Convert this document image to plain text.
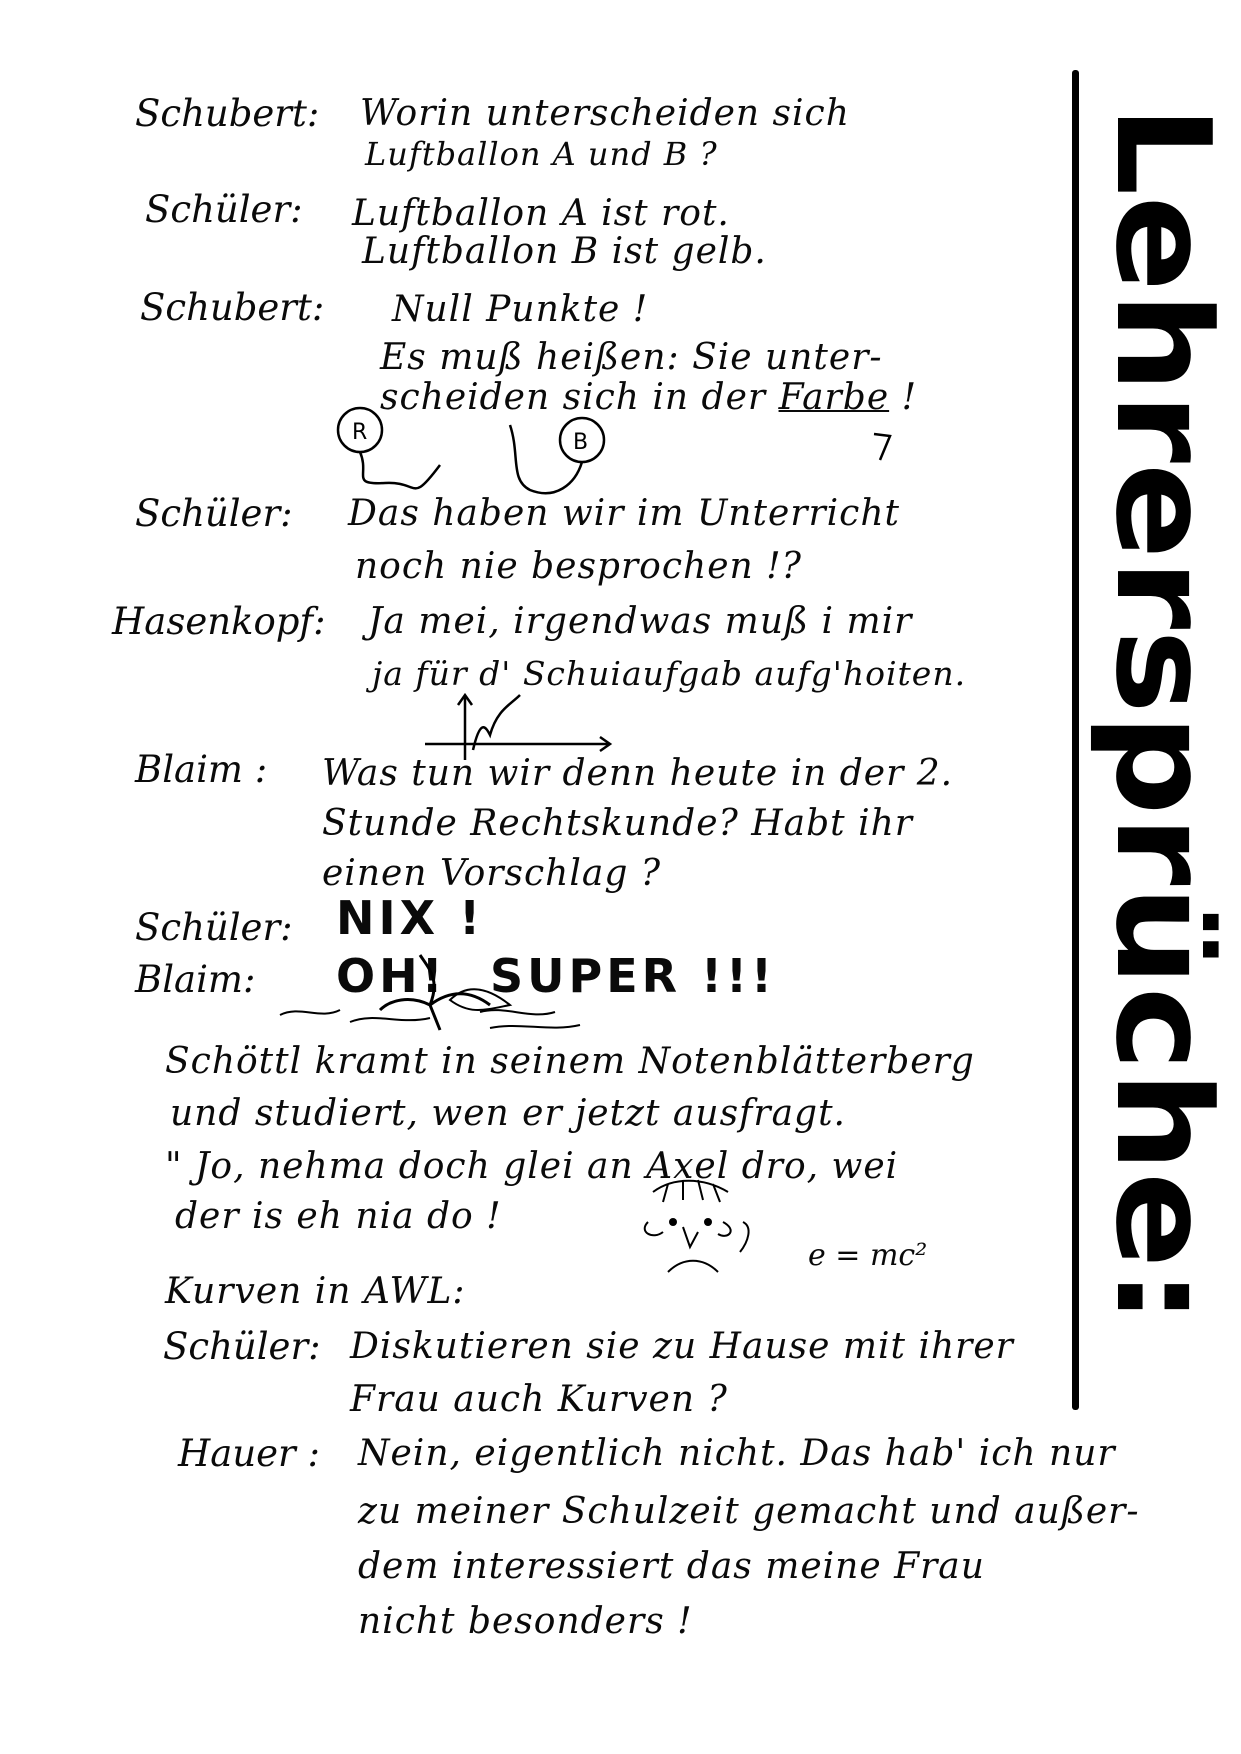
Lehrersprüche:
Schubert: Worin unterscheiden sich
Luftballon A und B ?
Schüler: Luftballon A ist rot.
Luftballon B ist gelb.
Schubert: Null Punkte !
Es muß heißen: Sie unter-
scheiden sich in der Farbe !
R	B
Schüler: Das haben wir im Unterricht
noch nie besprochen !?
Hasenkopf: Ja mei, irgendwas muß i mir
ja für d' Schuiaufgab aufg'hoiten.
Blaim : Was tun wir denn heute in der 2.
Stunde Rechtskunde? Habt ihr
einen Vorschlag ?
Schüler: NIX !
Blaim: OH! SUPER !!!
Schöttl kramt in seinem Notenblätterberg
und studiert, wen er jetzt ausfragt.
" Jo, nehma doch glei an Axel dro, wei
der is eh nia do !
e = mc²
Kurven in AWL:
Schüler: Diskutieren sie zu Hause mit ihrer
Frau auch Kurven ?
Hauer : Nein, eigentlich nicht. Das hab' ich nur
zu meiner Schulzeit gemacht und außer-
dem interessiert das meine Frau
nicht besonders !
